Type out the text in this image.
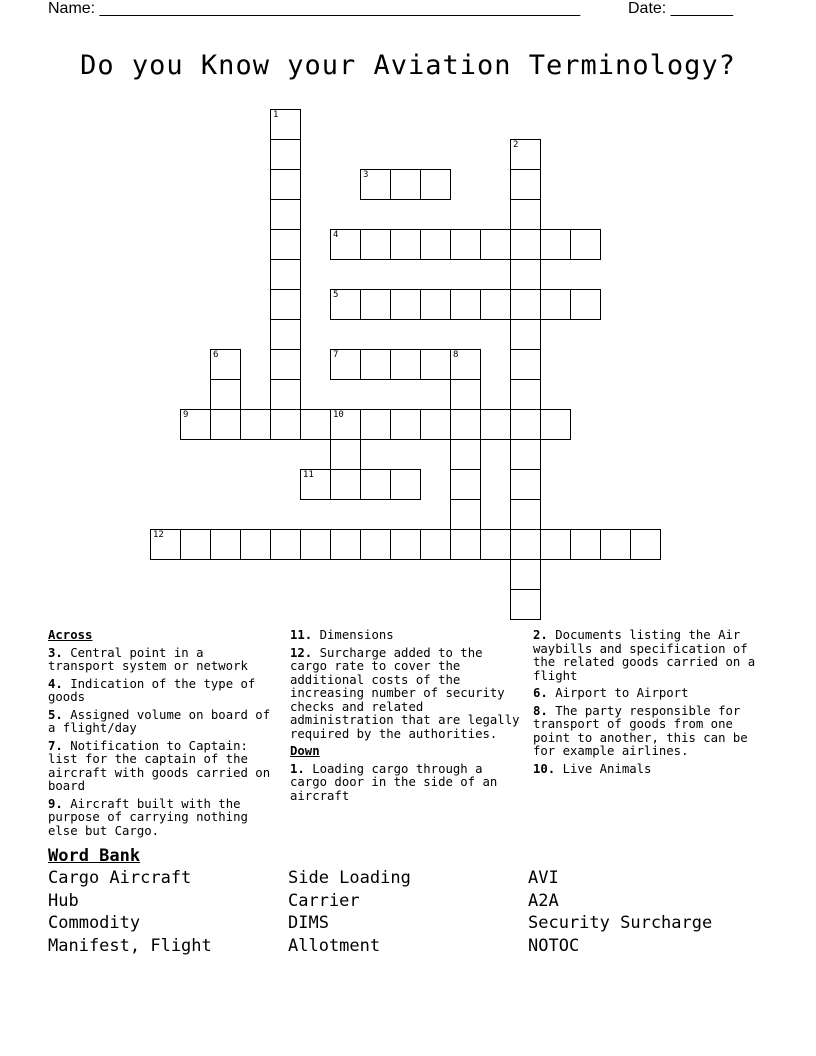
Name: ______________________________________________________	Date: _______
Do you Know your Aviation Terminology?
1
2
3
4
5
6	7	8
9	10
11
12
Across
3. Central point in a transport system or network
4. Indication of the type of goods
5. Assigned volume on board of a flight/day
7. Notification to Captain: list for the captain of the aircraft with goods carried on board
9. Aircraft built with the purpose of carrying nothing else but Cargo.
11. Dimensions
12. Surcharge added to the cargo rate to cover the additional costs of the increasing number of security checks and related administration that are legally required by the authorities.
Down
1. Loading cargo through a cargo door in the side of an aircraft
2. Documents listing the Air waybills and specification of the related goods carried on a flight
6. Airport to Airport
8. The party responsible for transport of goods from one point to another, this can be for example airlines.
10. Live Animals
Word Bank
Cargo Aircraft
Hub
Commodity
Manifest, Flight
Side Loading
Carrier
DIMS
Allotment
AVI
A2A
Security Surcharge
NOTOC
